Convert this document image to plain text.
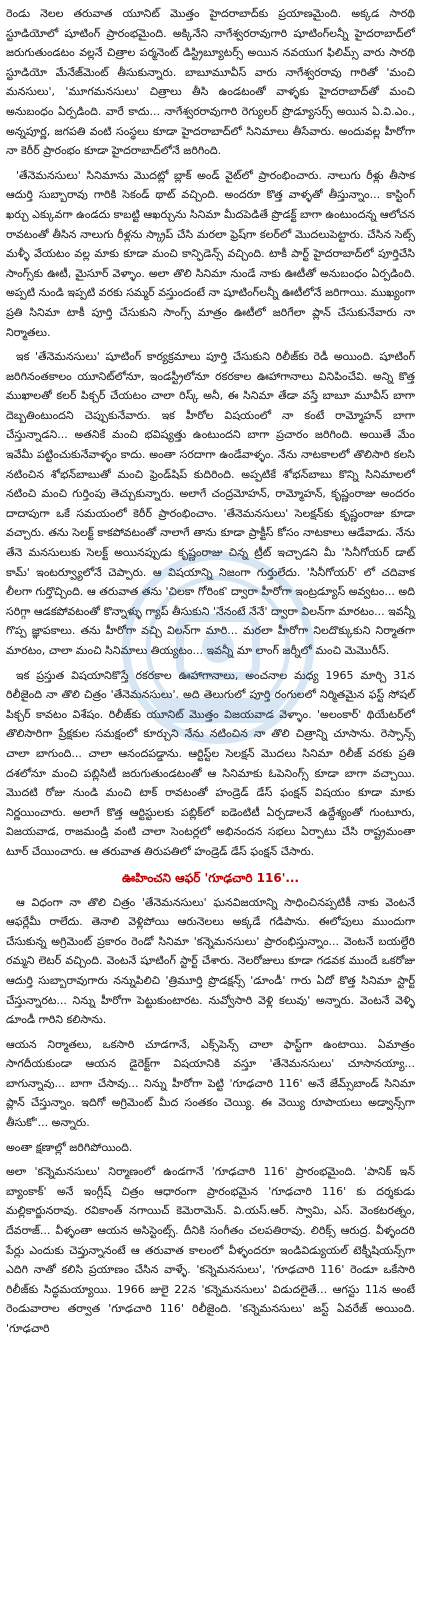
రెండు నెలల తరువాత యూనిట్ మొత్తం హైదరాబాద్‌కు ప్రయాణమైంది. అక్కడ సారథి స్టూడియోలో షూటింగ్ ప్రారంభమైంది. అక్కినేని నాగేశ్వరరావుగారి షూటింగ్‌లన్నీ హైదరాబాద్‌లో జరుగుతుండటం వల్లనే చిత్రాల పర్మనెంట్ డిస్ట్రిబ్యూటర్స్ అయిన నవయుగ ఫిలిమ్స్ వారు సారథి స్టూడియో మేనేజ్‌మెంట్ తీసుకున్నారు. బాబూమూవీస్ వారు నాగేశ్వరరావు గారితో 'మంచి మనసులు', 'మూగమనసులు' చిత్రాలు తీసి ఉండటంతో వాళ్ళకు హైదరాబాద్‌తో మంచి అనుబంధం ఏర్పడింది. వారే కాదు... నాగేశ్వరరావుగారి రెగ్యులర్ ప్రొడ్యూసర్స్ అయిన ఏ.వి.ఎం., అన్నపూర్ణ, జగపతి వంటి సంస్థలు కూడా హైదరాబాద్‌లో సినిమాలు తీసేవారు. అందువల్ల హీరోగా నా కెరీర్ ప్రారంభం కూడా హైదరాబాద్‌లోనే జరిగింది.

'తేనెమనసులు' సినిమాను మొదట్లో బ్లాక్ అండ్ వైట్‌లో ప్రారంభించారు. నాలుగు రీళ్లు తీసాక ఆదుర్తి సుబ్బారావు గారికి సెకండ్ థాట్ వచ్చింది. అందరూ కొత్త వాళ్ళతో తీస్తున్నాం... కాస్టింగ్ ఖర్చు ఎక్కువగా ఉండదు కాబట్టి ఆఖర్చును సినిమా మీదపెడితే ప్రొడక్ట్ బాగా ఉంటుందన్న ఆలోచన రావటంతో తీసిన నాలుగు రీళ్లను స్క్రాప్ చేసి మరలా ఫ్రెష్‌గా కలర్‌లో మొదలుపెట్టారు. చేసిన సెట్స్ మళ్ళీ వేయటం వల్ల మాకు కూడా మంచి కాన్ఫిడెన్స్ వచ్చింది. టాకీ పార్ట్ హైదరాబాద్‌లో పూర్తిచేసి సాంగ్స్‌కు ఊటీ, మైసూర్ వెళ్ళాం. అలా తొలి సినిమా నుండే నాకు ఊటీతో అనుబంధం ఏర్పడింది. అప్పటి నుండి ఇప్పటి వరకు సమ్మర్ వస్తుందంటే నా షూటింగ్‌లన్నీ ఊటీలోనే జరిగాయి. ముఖ్యంగా ప్రతి సినిమా టాకీ పూర్తి చేసుకుని సాంగ్స్ మాత్రం ఊటీలో జరిగేలా ప్లాన్ చేసుకునేవారు నా నిర్మాతలు.

ఇక 'తేనెమనసులు' షూటింగ్ కార్యక్రమాలు పూర్తి చేసుకుని రిలీజ్‌కు రెడీ అయింది. షూటింగ్ జరిగినంతకాలం యూనిట్‌లోనూ, ఇండస్ట్రీలోనూ రకరకాల ఊహాగానాలు వినిపించేవి. అన్ని కొత్త ముఖాలతో కలర్ పిక్చర్ చేయటం చాలా రిస్క్ అనీ, ఈ సినిమా తేడా వస్తే బాబూ మూవీస్ బాగా దెబ్బతింటుందని చెప్పుకునేవారు. ఇక హీరోల విషయంలో నా కంటే రామ్మోహన్ బాగా చేస్తున్నాడని... అతనికే మంచి భవిష్యత్తు ఉంటుందని బాగా ప్రచారం జరిగింది. అయితే మేం ఇవేమీ పట్టించుకునేవాళ్ళం కాదు. అంతా సరదాగా ఉండేవాళ్ళం. నేను నాటకాలలో తొలిసారి కలసి నటించిన శోభన్‌బాబుతో మంచి ఫ్రెండ్‌షిప్ కుదిరింది. అప్పటికే శోభన్‌బాబు కొన్ని సినిమాలలో నటించి మంచి గుర్తింపు తెచ్చుకున్నారు. అలాగే చంద్రమోహన్, రామ్మోహన్, కృష్ణంరాజు అందరం దాదాపుగా ఒకే సమయంలో కెరీర్ ప్రారంభించాం. 'తేనెమనసులు' సెలక్షన్‌కు కృష్ణంరాజు కూడా వచ్చారు. తను సెలక్ట్ కాకపోవటంతో నాలాగే తాను కూడా ప్రాక్టీస్ కోసం నాటకాలు ఆడేవాడు. నేను తేనె మనసులుకు సెలక్ట్ అయినప్పుడు కృష్ణంరాజు చిన్న ట్రీట్ ఇచ్చాడని మీ 'సినీగోయర్ డాట్ కామ్' ఇంటర్వ్యూలోనే చెప్పారు. ఆ విషయాన్ని నిజంగా గుర్తులేదు. 'సినీగోయర్' లో చదివాక లీలగా గుర్తొచ్చింది. ఆ తరువాత తను 'చిలకా గోరింక' ద్వారా హీరోగా ఇంట్రడ్యూస్ అవ్వటం... అది సరిగ్గా ఆడకపోవటంతో కొన్నాళ్ళు గ్యాప్ తీసుకుని 'నేనంటే నేనే' ద్వారా విలన్‌గా మారటం... ఇవన్నీ గొప్ప జ్ఞాపకాలు. తను హీరోగా వచ్చి విలన్‌గా మారి... మరలా హీరోగా నిలదొక్కుకుని నిర్మాతగా మారటం, చాలా మంచి సినిమాలు తియ్యటం... ఇవన్నీ మా లాంగ్ జర్నీలో మంచి మెమొరీస్.

ఇక ప్రస్తుత విషయానికొస్తే రకరకాల ఊహాగానాలు, అంచనాల మధ్య 1965 మార్చి 31న రిలీజైంది నా తొలి చిత్రం 'తేనెమనసులు'. అది తెలుగులో పూర్తి రంగులలో నిర్మితమైన ఫస్ట్ సోషల్ పిక్చర్ కావటం విశేషం. రిలీజ్‌కు యూనిట్ మొత్తం విజయవాడ వెళ్ళాం. 'అలంకార్' థియేటర్‌లో తొలిసారిగా ప్రేక్షకుల సమక్షంలో కూర్చుని నేను నటించిన నా తొలి చిత్రాన్ని చూసాను. రెస్పాన్స్ చాలా బాగుంది... చాలా ఆనందపడ్డాను. ఆర్టిస్ట్‌ల సెలక్షన్ మొదలు సినిమా రిలీజ్ వరకు ప్రతి దశలోనూ మంచి పబ్లిసిటీ జరుగుతుండటంతో ఆ సినిమాకు ఓపెనింగ్స్ కూడా బాగా వచ్చాయి. మొదటి రోజు నుండి మంచి టాక్ రావటంతో హండ్రెడ్ డేస్ ఫంక్షన్ విషయం కూడా మాకు నిర్ణయించారు. అలాగే కొత్త ఆర్టిస్టులకు పబ్లిక్‌లో ఐడెంటిటీ ఏర్పడాలనే ఉద్దేశ్యంతో గుంటూరు, విజయవాడ, రాజమండ్రి వంటి చాలా సెంటర్లలో అభినందన సభలు ఏర్పాటు చేసి రాష్ట్రమంతా టూర్ చేయించారు. ఆ తరువాత తిరుపతిలో హండ్రెడ్ డేస్ ఫంక్షన్ చేసారు.

ఊహించని ఆఫర్ 'గూఢచారి 116'...

ఆ విధంగా నా తొలి చిత్రం 'తేనెమనసులు' ఘనవిజయాన్ని సాధించినప్పటికీ నాకు వెంటనే ఆఫర్లేమీ రాలేదు. తెనాలి వెళ్లిపోయి ఆరునెలలు అక్కడే గడిపాను. ఈలోపులు ముందుగా చేసుకున్న అగ్రిమెంట్ ప్రకారం రెండో సినిమా 'కన్నెమనసులు' ప్రారంభిస్తున్నాం... వెంటనే బయల్దేరి రమ్మని లెటర్ వచ్చింది. వెంటనే షూటింగ్ స్టార్ట్ చేశారు. నెలరోజులు కూడా గడవక ముందే ఒకరోజు ఆదుర్తి సుబ్బారావుగారు నన్నుపిలిచి 'త్రిమూర్తి ప్రొడక్షన్స్ 'డూండీ' గారు ఏదో కొత్త సినిమా స్టార్ట్ చేస్తున్నారట... నిన్ను హీరోగా పెట్టుకుంటారట. నువ్వోసారి వెళ్లి కలువు' అన్నారు. వెంటనే వెళ్ళి డూండీ గారిని కలిసాను.

ఆయన నిర్మాతలు, ఒకసారి చూడగానే, ఎక్స్‌పెన్స్ చాలా ఫాస్ట్‌గా ఉంటాయి. ఏమాత్రం సాగదీయకుండా ఆయన డైరెక్ట్‌గా విషయానికి వస్తూ 'తేనెమనసులు' చూసానయ్యా... బాగున్నావు... బాగా చేసావు... నిన్ను హీరోగా పెట్టి 'గూఢచారి 116' అనే జేమ్స్‌బాండ్ సినిమా ప్లాన్ చేస్తున్నాం. ఇదిగో అగ్రిమెంట్ మీద సంతకం చెయ్యి. ఈ వెయ్యి రూపాయలు అడ్వాన్స్‌గా తీసుకో'... అన్నారు.

అంతా క్షణాల్లో జరిగిపోయింది.

అలా 'కన్నెమనసులు' నిర్మాణంలో ఉండగానే 'గూఢచారి 116' ప్రారంభమైంది. 'పానిక్ ఇన్ బ్యాంకాక్' అనే ఇంగ్లీష్ చిత్రం ఆధారంగా ప్రారంభమైన 'గూఢచారి 116' కు దర్శకుడు మల్లికార్జునరావు. రవికాంత్ నగాయిచ్ కెమెరామెన్. వి.యస్.ఆర్. స్వామి, ఎస్. వెంకటరత్నం, దేవరాజ్... వీళ్ళంతా ఆయన అసిస్టెంట్స్. దీనికి సంగీతం చలపతిరావు. లిరిక్స్ ఆరుద్ర. వీళ్ళందరి పేర్లు ఎందుకు చెప్తున్నానంటే ఆ తరువాత కాలంలో వీళ్ళందరూ ఇండివిడ్యుయల్ టెక్నీషియన్స్‌గా ఎదిగి నాతో కలిసి ప్రయాణం చేసిన వాళ్ళే. 'కన్నెమనసులు', 'గూఢచారి 116' రెండూ ఒకేసారి రిలీజ్‌కు సిద్ధమయ్యాయి. 1966 జులై 22న 'కన్నెమనసులు' విడుదలైతే... ఆగస్టు 11న అంటే రెండువారాల తర్వాత 'గూఢచారి 116' రిలీజైంది. 'కన్నెమనసులు' జస్ట్ ఏవరేజ్ అయింది. 'గూఢచారి
